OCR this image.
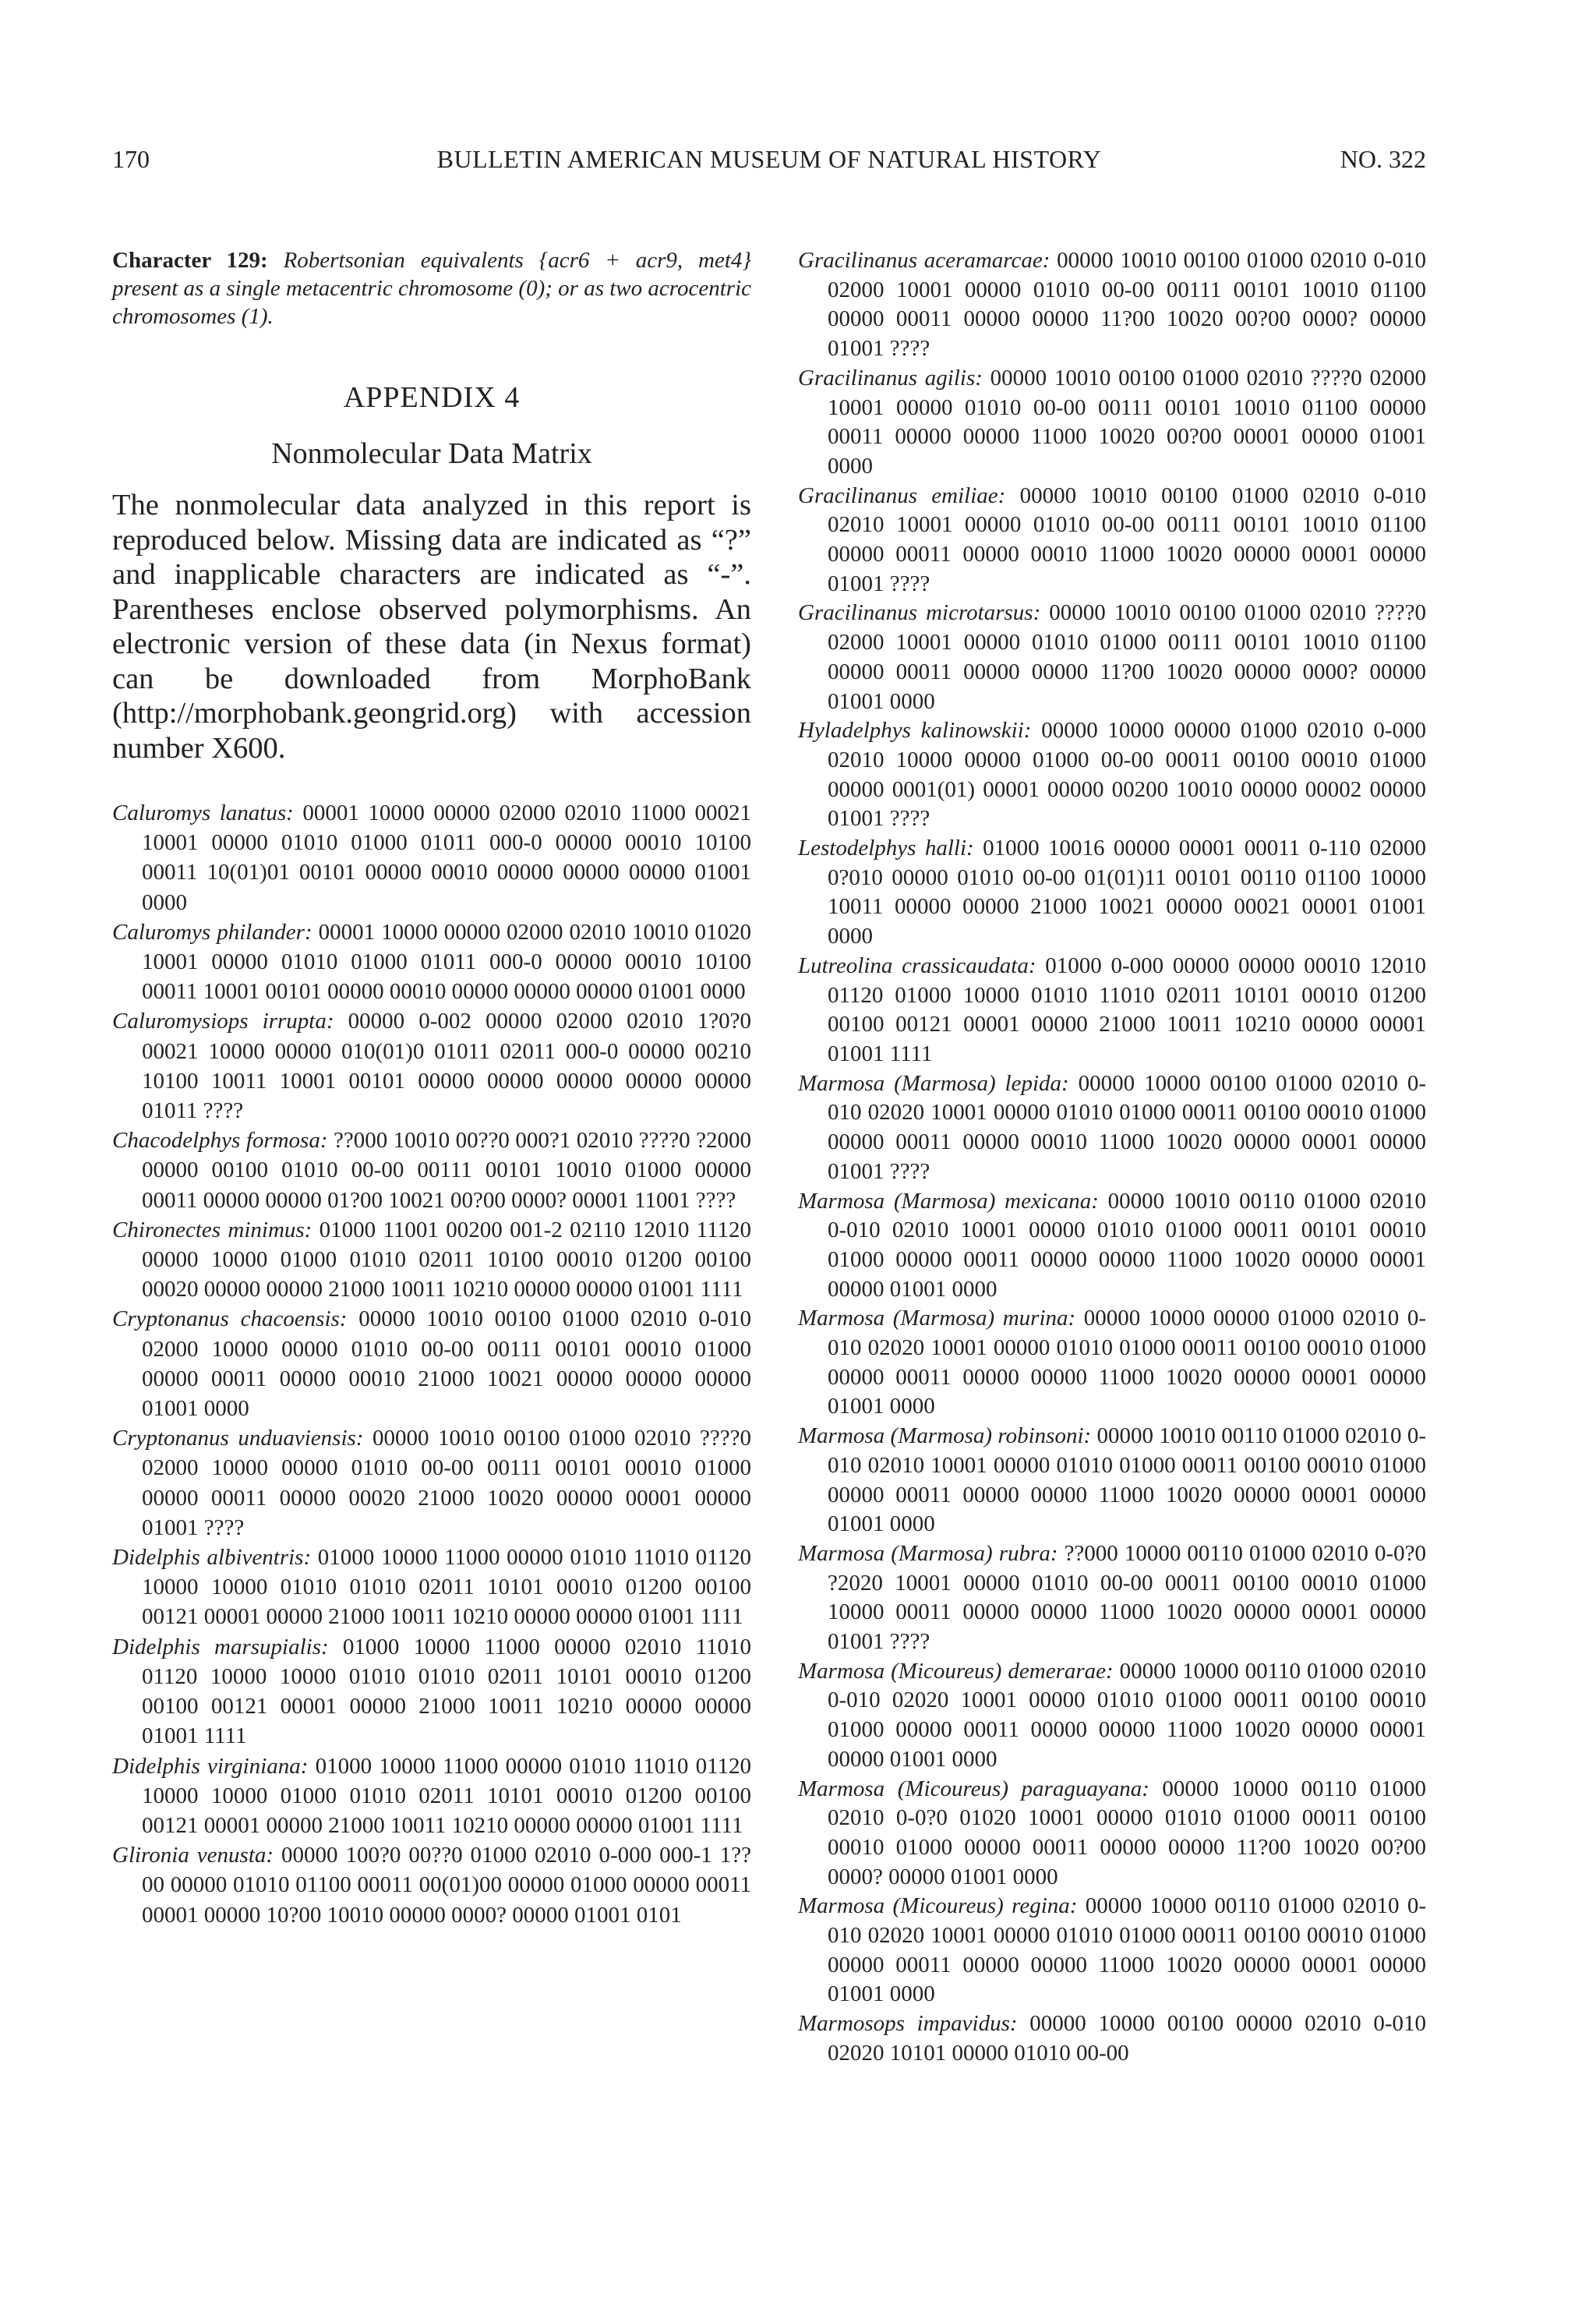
170	BULLETIN AMERICAN MUSEUM OF NATURAL HISTORY	NO. 322

Character 129: Robertsonian equivalents {acr6 + acr9, met4} present as a single metacentric chromosome (0); or as two acrocentric chromosomes (1).

APPENDIX 4
Nonmolecular Data Matrix

The nonmolecular data analyzed in this report is reproduced below. Missing data are indicated as “?” and inapplicable characters are indicated as “-”. Parentheses enclose observed polymorphisms. An electronic version of these data (in Nexus format) can be downloaded from MorphoBank (http://morphobank.geongrid.org) with accession number X600.

Caluromys lanatus: 00001 10000 00000 02000 02010 11000 00021 10001 00000 01010 01000 01011 000-0 00000 00010 10100 00011 10(01)01 00101 00000 00010 00000 00000 00000 01001 0000

Caluromys philander: 00001 10000 00000 02000 02010 10010 01020 10001 00000 01010 01000 01011 000-0 00000 00010 10100 00011 10001 00101 00000 00010 00000 00000 00000 01001 0000

Caluromysiops irrupta: 00000 0-002 00000 02000 02010 1?0?0 00021 10000 00000 010(01)0 01011 02011 000-0 00000 00210 10100 10011 10001 00101 00000 00000 00000 00000 00000 01011 ????

Chacodelphys formosa: ??000 10010 00??0 000?1 02010 ????0 ?2000 00000 00100 01010 00-00 00111 00101 10010 01000 00000 00011 00000 00000 01?00 10021 00?00 0000? 00001 11001 ????

Chironectes minimus: 01000 11001 00200 001-2 02110 12010 11120 00000 10000 01000 01010 02011 10100 00010 01200 00100 00020 00000 00000 21000 10011 10210 00000 00000 01001 1111

Cryptonanus chacoensis: 00000 10010 00100 01000 02010 0-010 02000 10000 00000 01010 00-00 00111 00101 00010 01000 00000 00011 00000 00010 21000 10021 00000 00000 00000 01001 0000

Cryptonanus unduaviensis: 00000 10010 00100 01000 02010 ????0 02000 10000 00000 01010 00-00 00111 00101 00010 01000 00000 00011 00000 00020 21000 10020 00000 00001 00000 01001 ????

Didelphis albiventris: 01000 10000 11000 00000 01010 11010 01120 10000 10000 01010 01010 02011 10101 00010 01200 00100 00121 00001 00000 21000 10011 10210 00000 00000 01001 1111

Didelphis marsupialis: 01000 10000 11000 00000 02010 11010 01120 10000 10000 01010 01010 02011 10101 00010 01200 00100 00121 00001 00000 21000 10011 10210 00000 00000 01001 1111

Didelphis virginiana: 01000 10000 11000 00000 01010 11010 01120 10000 10000 01000 01010 02011 10101 00010 01200 00100 00121 00001 00000 21000 10011 10210 00000 00000 01001 1111

Glironia venusta: 00000 100?0 00??0 01000 02010 0-000 000-1 1??00 00000 01010 01100 00011 00(01)00 00000 01000 00000 00011 00001 00000 10?00 10010 00000 0000? 00000 01001 0101

Gracilinanus aceramarcae: 00000 10010 00100 01000 02010 0-010 02000 10001 00000 01010 00-00 00111 00101 10010 01100 00000 00011 00000 00000 11?00 10020 00?00 0000? 00000 01001 ????

Gracilinanus agilis: 00000 10010 00100 01000 02010 ????0 02000 10001 00000 01010 00-00 00111 00101 10010 01100 00000 00011 00000 00000 11000 10020 00?00 00001 00000 01001 0000

Gracilinanus emiliae: 00000 10010 00100 01000 02010 0-010 02010 10001 00000 01010 00-00 00111 00101 10010 01100 00000 00011 00000 00010 11000 10020 00000 00001 00000 01001 ????

Gracilinanus microtarsus: 00000 10010 00100 01000 02010 ????0 02000 10001 00000 01010 01000 00111 00101 10010 01100 00000 00011 00000 00000 11?00 10020 00000 0000? 00000 01001 0000

Hyladelphys kalinowskii: 00000 10000 00000 01000 02010 0-000 02010 10000 00000 01000 00-00 00011 00100 00010 01000 00000 0001(01) 00001 00000 00200 10010 00000 00002 00000 01001 ????

Lestodelphys halli: 01000 10016 00000 00001 00011 0-110 02000 0?010 00000 01010 00-00 01(01)11 00101 00110 01100 10000 10011 00000 00000 21000 10021 00000 00021 00001 01001 0000

Lutreolina crassicaudata: 01000 0-000 00000 00000 00010 12010 01120 01000 10000 01010 11010 02011 10101 00010 01200 00100 00121 00001 00000 21000 10011 10210 00000 00001 01001 1111

Marmosa (Marmosa) lepida: 00000 10000 00100 01000 02010 0-010 02020 10001 00000 01010 01000 00011 00100 00010 01000 00000 00011 00000 00010 11000 10020 00000 00001 00000 01001 ????

Marmosa (Marmosa) mexicana: 00000 10010 00110 01000 02010 0-010 02010 10001 00000 01010 01000 00011 00101 00010 01000 00000 00011 00000 00000 11000 10020 00000 00001 00000 01001 0000

Marmosa (Marmosa) murina: 00000 10000 00000 01000 02010 0-010 02020 10001 00000 01010 01000 00011 00100 00010 01000 00000 00011 00000 00000 11000 10020 00000 00001 00000 01001 0000

Marmosa (Marmosa) robinsoni: 00000 10010 00110 01000 02010 0-010 02010 10001 00000 01010 01000 00011 00100 00010 01000 00000 00011 00000 00000 11000 10020 00000 00001 00000 01001 0000

Marmosa (Marmosa) rubra: ??000 10000 00110 01000 02010 0-0?0 ?2020 10001 00000 01010 00-00 00011 00100 00010 01000 10000 00011 00000 00000 11000 10020 00000 00001 00000 01001 ????

Marmosa (Micoureus) demerarae: 00000 10000 00110 01000 02010 0-010 02020 10001 00000 01010 01000 00011 00100 00010 01000 00000 00011 00000 00000 11000 10020 00000 00001 00000 01001 0000

Marmosa (Micoureus) paraguayana: 00000 10000 00110 01000 02010 0-0?0 01020 10001 00000 01010 01000 00011 00100 00010 01000 00000 00011 00000 00000 11?00 10020 00?00 0000? 00000 01001 0000

Marmosa (Micoureus) regina: 00000 10000 00110 01000 02010 0-010 02020 10001 00000 01010 01000 00011 00100 00010 01000 00000 00011 00000 00000 11000 10020 00000 00001 00000 01001 0000

Marmosops impavidus: 00000 10000 00100 00000 02010 0-010 02020 10101 00000 01010 00-00
